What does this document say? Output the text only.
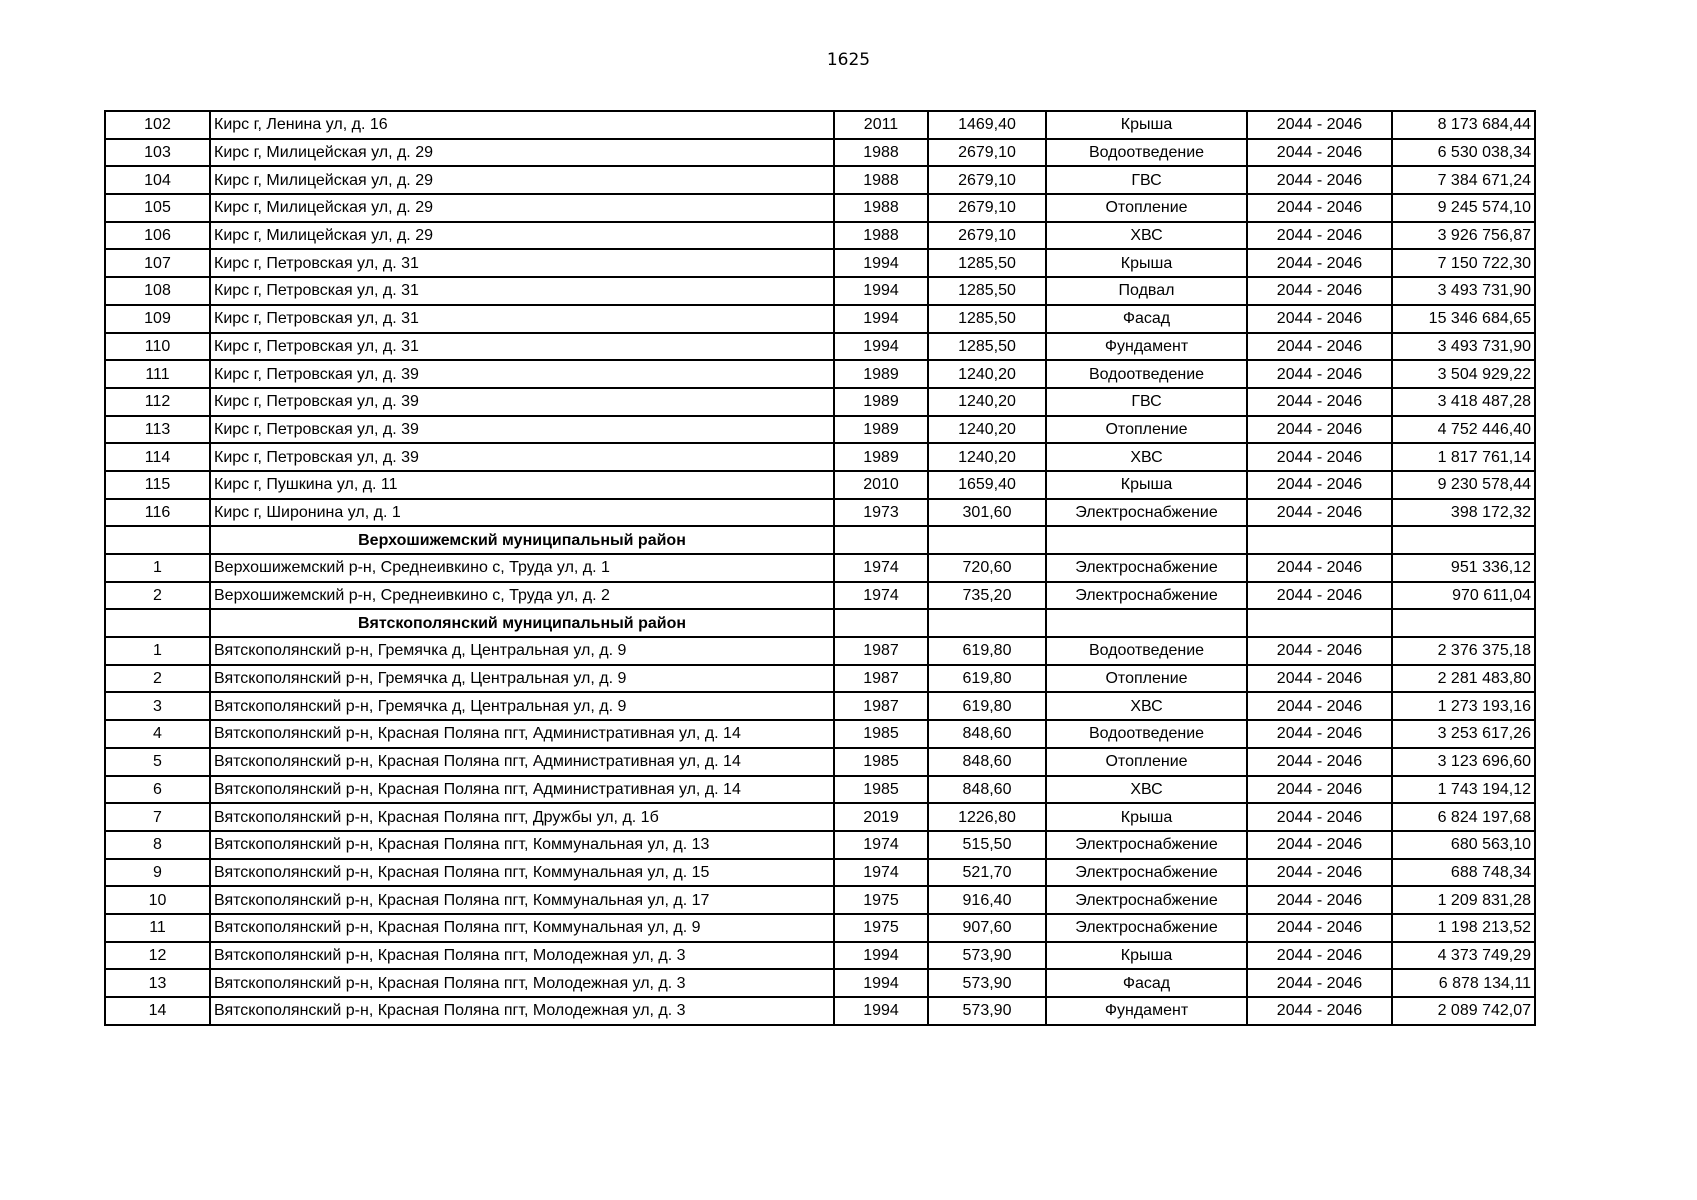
1625
102	Кирс г, Ленина ул, д. 16	2011	1469,40	Крыша	2044 - 2046	8 173 684,44
103	Кирс г, Милицейская ул, д. 29	1988	2679,10	Водоотведение	2044 - 2046	6 530 038,34
104	Кирс г, Милицейская ул, д. 29	1988	2679,10	ГВС	2044 - 2046	7 384 671,24
105	Кирс г, Милицейская ул, д. 29	1988	2679,10	Отопление	2044 - 2046	9 245 574,10
106	Кирс г, Милицейская ул, д. 29	1988	2679,10	ХВС	2044 - 2046	3 926 756,87
107	Кирс г, Петровская ул, д. 31	1994	1285,50	Крыша	2044 - 2046	7 150 722,30
108	Кирс г, Петровская ул, д. 31	1994	1285,50	Подвал	2044 - 2046	3 493 731,90
109	Кирс г, Петровская ул, д. 31	1994	1285,50	Фасад	2044 - 2046	15 346 684,65
110	Кирс г, Петровская ул, д. 31	1994	1285,50	Фундамент	2044 - 2046	3 493 731,90
111	Кирс г, Петровская ул, д. 39	1989	1240,20	Водоотведение	2044 - 2046	3 504 929,22
112	Кирс г, Петровская ул, д. 39	1989	1240,20	ГВС	2044 - 2046	3 418 487,28
113	Кирс г, Петровская ул, д. 39	1989	1240,20	Отопление	2044 - 2046	4 752 446,40
114	Кирс г, Петровская ул, д. 39	1989	1240,20	ХВС	2044 - 2046	1 817 761,14
115	Кирс г, Пушкина ул, д. 11	2010	1659,40	Крыша	2044 - 2046	9 230 578,44
116	Кирс г, Широнина ул, д. 1	1973	301,60	Электроснабжение	2044 - 2046	398 172,32
	Верхошижемский муниципальный район					
1	Верхошижемский р-н, Среднеивкино с, Труда ул, д. 1	1974	720,60	Электроснабжение	2044 - 2046	951 336,12
2	Верхошижемский р-н, Среднеивкино с, Труда ул, д. 2	1974	735,20	Электроснабжение	2044 - 2046	970 611,04
	Вятскополянский муниципальный район					
1	Вятскополянский р-н, Гремячка д, Центральная ул, д. 9	1987	619,80	Водоотведение	2044 - 2046	2 376 375,18
2	Вятскополянский р-н, Гремячка д, Центральная ул, д. 9	1987	619,80	Отопление	2044 - 2046	2 281 483,80
3	Вятскополянский р-н, Гремячка д, Центральная ул, д. 9	1987	619,80	ХВС	2044 - 2046	1 273 193,16
4	Вятскополянский р-н, Красная Поляна пгт, Административная ул, д. 14	1985	848,60	Водоотведение	2044 - 2046	3 253 617,26
5	Вятскополянский р-н, Красная Поляна пгт, Административная ул, д. 14	1985	848,60	Отопление	2044 - 2046	3 123 696,60
6	Вятскополянский р-н, Красная Поляна пгт, Административная ул, д. 14	1985	848,60	ХВС	2044 - 2046	1 743 194,12
7	Вятскополянский р-н, Красная Поляна пгт, Дружбы ул, д. 1б	2019	1226,80	Крыша	2044 - 2046	6 824 197,68
8	Вятскополянский р-н, Красная Поляна пгт, Коммунальная ул, д. 13	1974	515,50	Электроснабжение	2044 - 2046	680 563,10
9	Вятскополянский р-н, Красная Поляна пгт, Коммунальная ул, д. 15	1974	521,70	Электроснабжение	2044 - 2046	688 748,34
10	Вятскополянский р-н, Красная Поляна пгт, Коммунальная ул, д. 17	1975	916,40	Электроснабжение	2044 - 2046	1 209 831,28
11	Вятскополянский р-н, Красная Поляна пгт, Коммунальная ул, д. 9	1975	907,60	Электроснабжение	2044 - 2046	1 198 213,52
12	Вятскополянский р-н, Красная Поляна пгт, Молодежная ул, д. 3	1994	573,90	Крыша	2044 - 2046	4 373 749,29
13	Вятскополянский р-н, Красная Поляна пгт, Молодежная ул, д. 3	1994	573,90	Фасад	2044 - 2046	6 878 134,11
14	Вятскополянский р-н, Красная Поляна пгт, Молодежная ул, д. 3	1994	573,90	Фундамент	2044 - 2046	2 089 742,07
